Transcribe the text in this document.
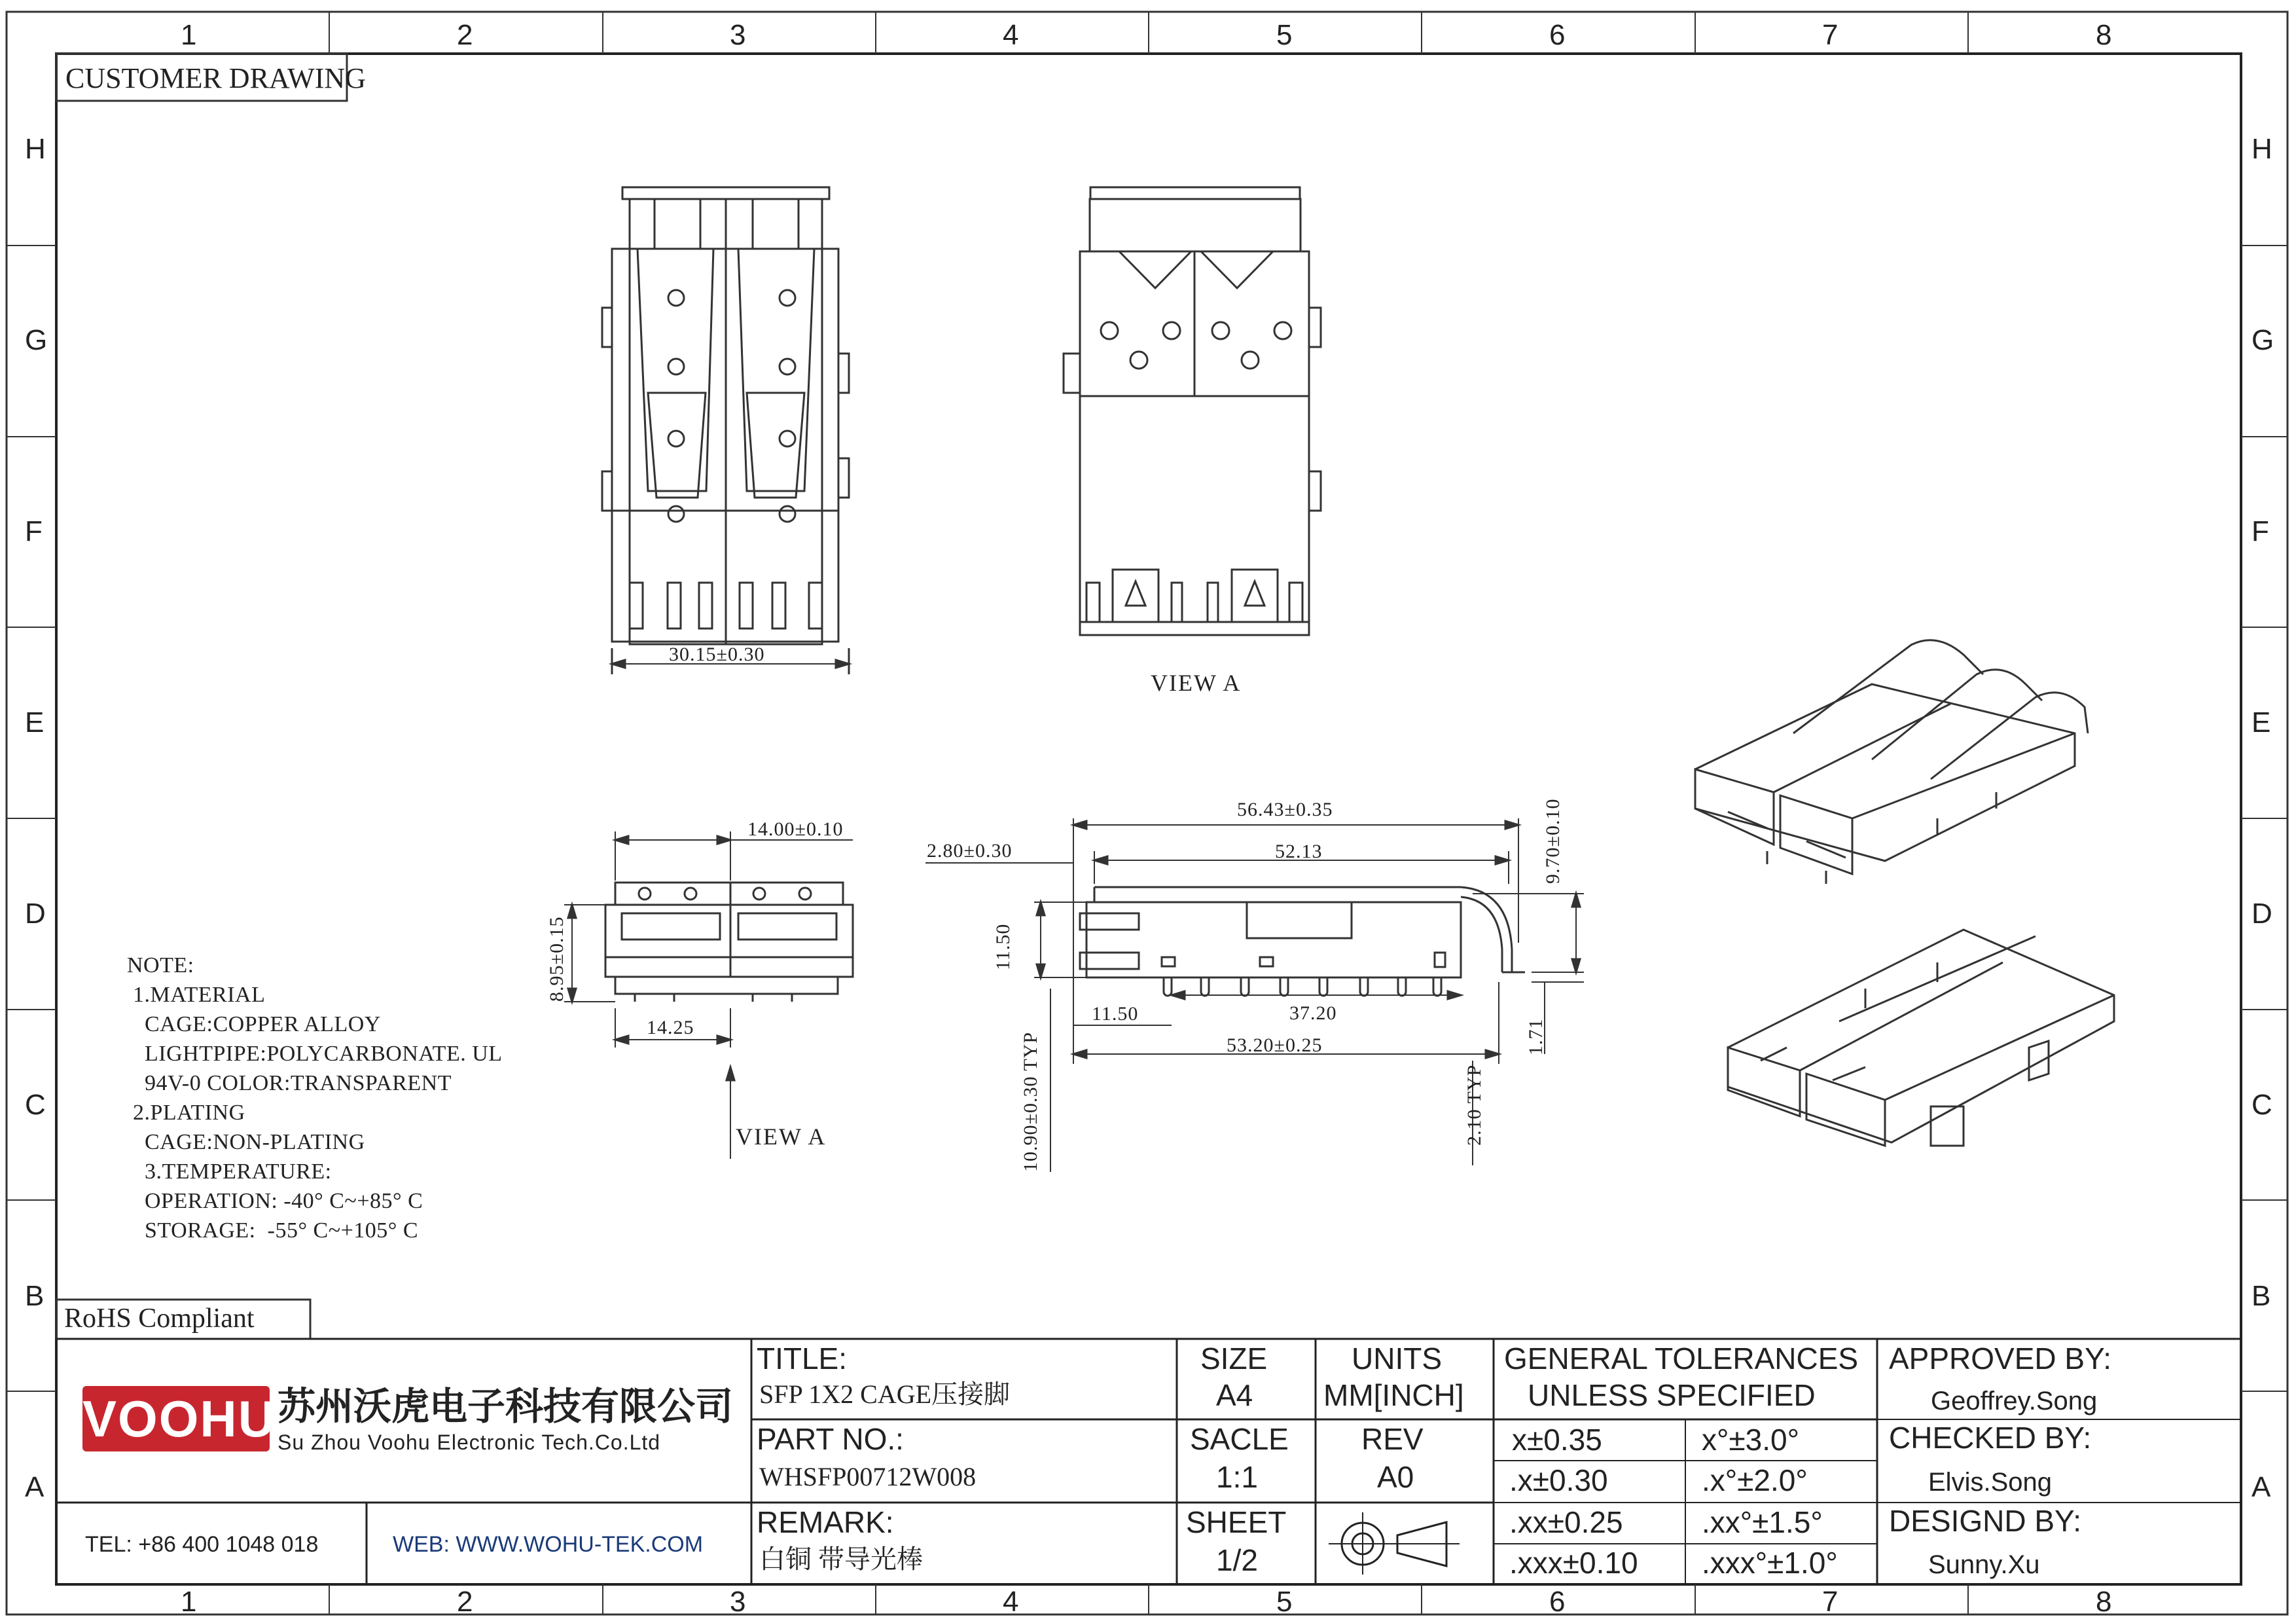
1	2	3	4	5	6	7	8
1	2	3	4	5	6	7	8
H
G
F
E
D
C
B
A
H
G
F
E
D
C
B
A
CUSTOMER DRAWING
RoHS Compliant
30.15±0.30
VIEW A
14.00±0.10
14.25
8.95±0.15
VIEW A
56.43±0.35
52.13
2.80±0.30
11.50
11.50	37.20
53.20±0.25
9.70±0.10
1.71
10.90±0.30 TYP	2.10 TYP
NOTE:
1.MATERIAL
CAGE:COPPER ALLOY
LIGHTPIPE:POLYCARBONATE. UL
94V-0 COLOR:TRANSPARENT
2.PLATING
CAGE:NON-PLATING
3.TEMPERATURE:
OPERATION: -40° C~+85° C
STORAGE:  -55° C~+105° C
VOOHU 苏州沃虎电子科技有限公司
Su Zhou Voohu Electronic Tech.Co.Ltd
TEL: +86 400 1048 018	WEB: WWW.WOHU-TEK.COM
TITLE:
SFP 1X2 CAGE压接脚
PART NO.:
WHSFP00712W008
REMARK:
白铜 带导光棒
SIZE
A4
SACLE
1:1
SHEET
1/2
UNITS
MM[INCH]
REV
A0
GENERAL TOLERANCES
UNLESS SPECIFIED
x±0.35	x°±3.0°
.x±0.30	.x°±2.0°
.xx±0.25	.xx°±1.5°
.xxx±0.10 .xxx°±1.0°
APPROVED BY:
Geoffrey.Song
CHECKED BY:
Elvis.Song
DESIGND BY:
Sunny.Xu
